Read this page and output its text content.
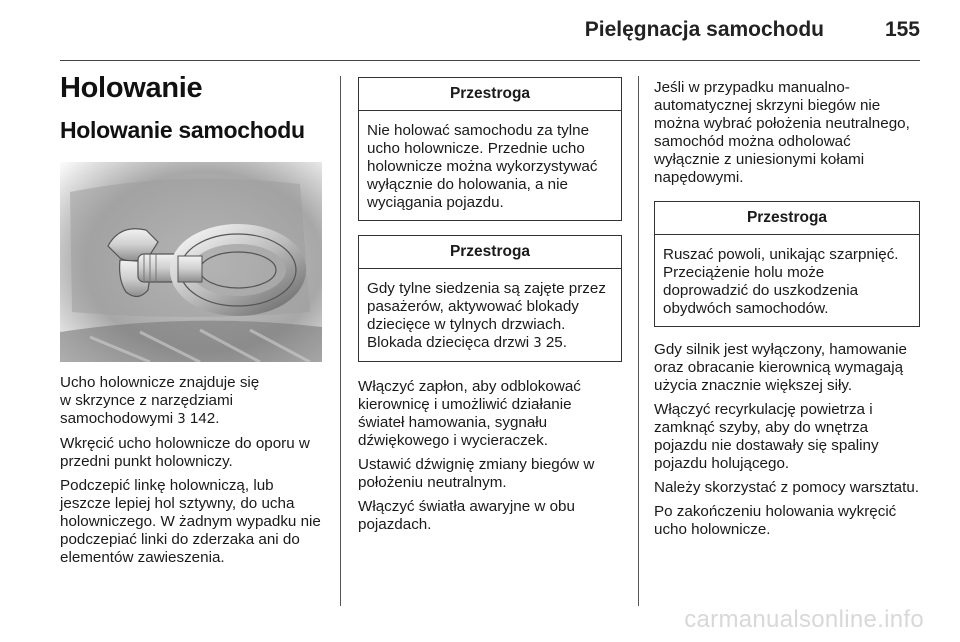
Pielęgnacja samochodu	155
Holowanie
Holowanie samochodu

Ucho holownicze znajduje się
w skrzynce z narzędziami
samochodowymi 3 142.

Wkręcić ucho holownicze do oporu w przedni punkt holowniczy.

Podczepić linkę holowniczą, lub jeszcze lepiej hol sztywny, do ucha holowniczego. W żadnym wypadku nie podczepiać linki do zderzaka ani do elementów zawieszenia.

Przestroga
Nie holować samochodu za tylne ucho holownicze. Przednie ucho holownicze można wykorzystywać wyłącznie do holowania, a nie wyciągania pojazdu.
Przestroga
Gdy tylne siedzenia są zajęte przez pasażerów, aktywować blokady dziecięce w tylnych drzwiach. Blokada dziecięca drzwi 3 25.

Włączyć zapłon, aby odblokować kierownicę i umożliwić działanie świateł hamowania, sygnału dźwiękowego i wycieraczek.

Ustawić dźwignię zmiany biegów w położeniu neutralnym.

Włączyć światła awaryjne w obu pojazdach.

Jeśli w przypadku manualno-automatycznej skrzyni biegów nie można wybrać położenia neutralnego, samochód można odholować wyłącznie z uniesionymi kołami napędowymi.

Przestroga
Ruszać powoli, unikając szarpnięć. Przeciążenie holu może doprowadzić do uszkodzenia obydwóch samochodów.

Gdy silnik jest wyłączony, hamowanie oraz obracanie kierownicą wymagają użycia znacznie większej siły.

Włączyć recyrkulację powietrza i zamknąć szyby, aby do wnętrza pojazdu nie dostawały się spaliny pojazdu holującego.

Należy skorzystać z pomocy warsztatu.

Po zakończeniu holowania wykręcić ucho holownicze.

carmanualsonline.info
